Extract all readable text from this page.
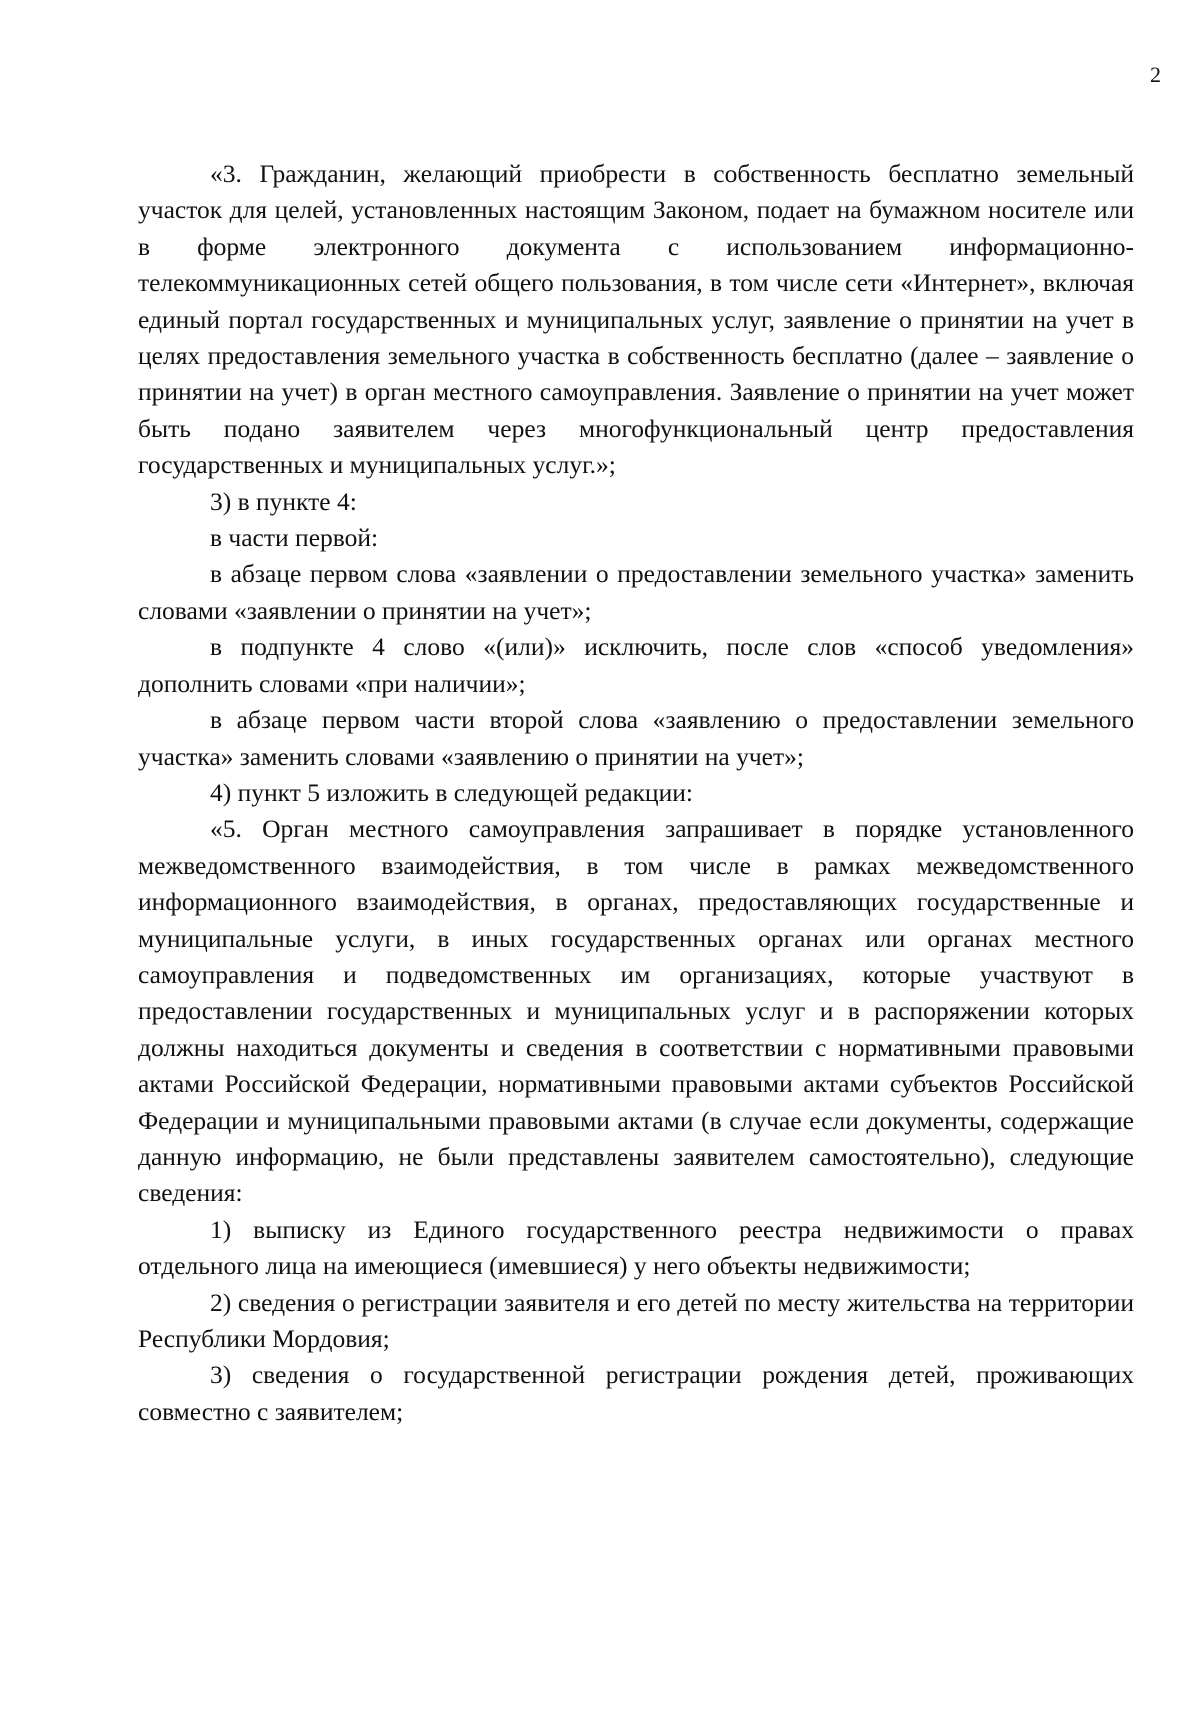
2

«3. Гражданин, желающий приобрести в собственность бесплатно земельный участок для целей, установленных настоящим Законом, подает на бумажном носителе или в форме электронного документа с использованием информационно-телекоммуникационных сетей общего пользования, в том числе сети «Интернет», включая единый портал государственных и муниципальных услуг, заявление о принятии на учет в целях предоставления земельного участка в собственность бесплатно (далее – заявление о принятии на учет) в орган местного самоуправления. Заявление о принятии на учет может быть подано заявителем через многофункциональный центр предоставления государственных и муниципальных услуг.»;

3) в пункте 4:

в части первой:

в абзаце первом слова «заявлении о предоставлении земельного участка» заменить словами «заявлении о принятии на учет»;

в подпункте 4 слово «(или)» исключить, после слов «способ уведомления» дополнить словами «при наличии»;

в абзаце первом части второй слова «заявлению о предоставлении земельного участка» заменить словами «заявлению о принятии на учет»;

4) пункт 5 изложить в следующей редакции:

«5. Орган местного самоуправления запрашивает в порядке установленного межведомственного взаимодействия, в том числе в рамках межведомственного информационного взаимодействия, в органах, предоставляющих государственные и муниципальные услуги, в иных государственных органах или органах местного самоуправления и подведомственных им организациях, которые участвуют в предоставлении государственных и муниципальных услуг и в распоряжении которых должны находиться документы и сведения в соответствии с нормативными правовыми актами Российской Федерации, нормативными правовыми актами субъектов Российской Федерации и муниципальными правовыми актами (в случае если документы, содержащие данную информацию, не были представлены заявителем самостоятельно), следующие сведения:

1) выписку из Единого государственного реестра недвижимости о правах отдельного лица на имеющиеся (имевшиеся) у него объекты недвижимости;

2) сведения о регистрации заявителя и его детей по месту жительства на территории Республики Мордовия;

3) сведения о государственной регистрации рождения детей, проживающих совместно с заявителем;
